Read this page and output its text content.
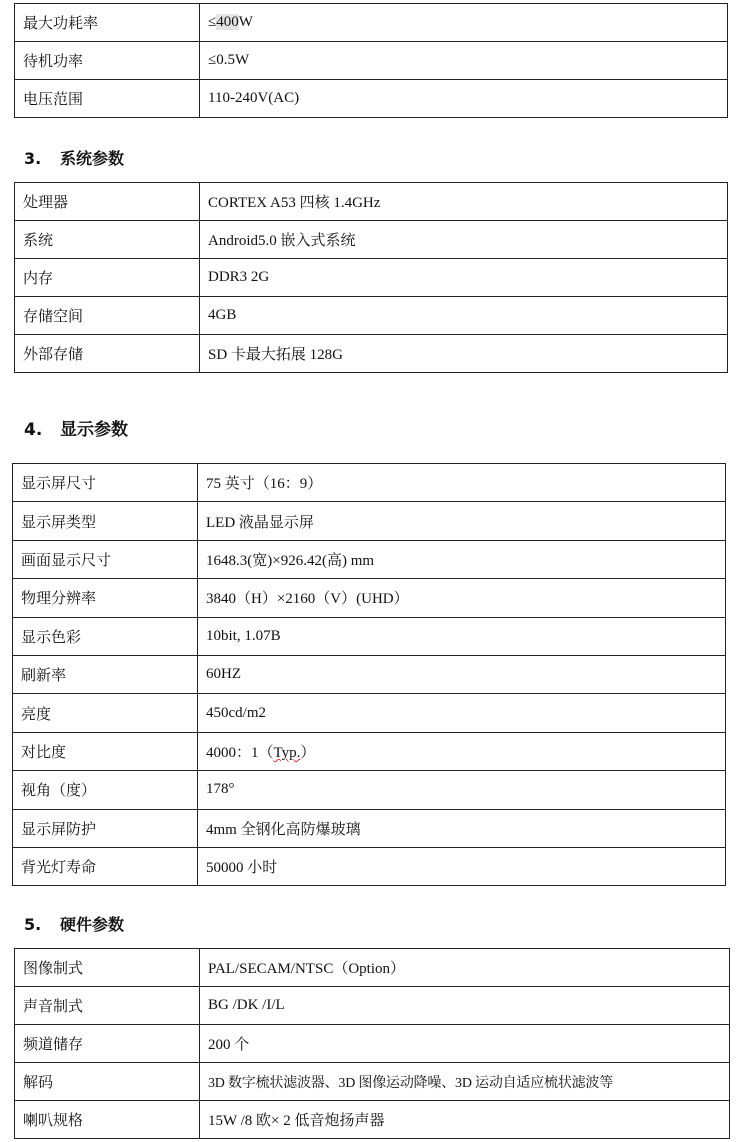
最大功耗率	≤400W
待机功率	≤0.5W
电压范围	110-240V(AC)
3. 系统参数
处理器	CORTEX A53 四核 1.4GHz
系统	Android5.0 嵌入式系统
内存	DDR3 2G
存储空间	4GB
外部存储	SD 卡最大拓展 128G
4. 显示参数
显示屏尺寸	75 英寸（16：9）
显示屏类型	LED 液晶显示屏
画面显示尺寸	1648.3(宽)×926.42(高) mm
物理分辨率	3840（H）×2160（V）(UHD）
显示色彩	10bit, 1.07B
刷新率	60HZ
亮度	450cd/m2
对比度	4000：1（Typ.）
视角（度）	178°
显示屏防护	4mm 全钢化高防爆玻璃
背光灯寿命	50000 小时
5. 硬件参数
图像制式	PAL/SECAM/NTSC（Option）
声音制式	BG /DK /I/L
频道储存	200 个
解码	3D 数字梳状滤波器、3D 图像运动降噪、3D 运动自适应梳状滤波等
喇叭规格	15W /8 欧× 2 低音炮扬声器
